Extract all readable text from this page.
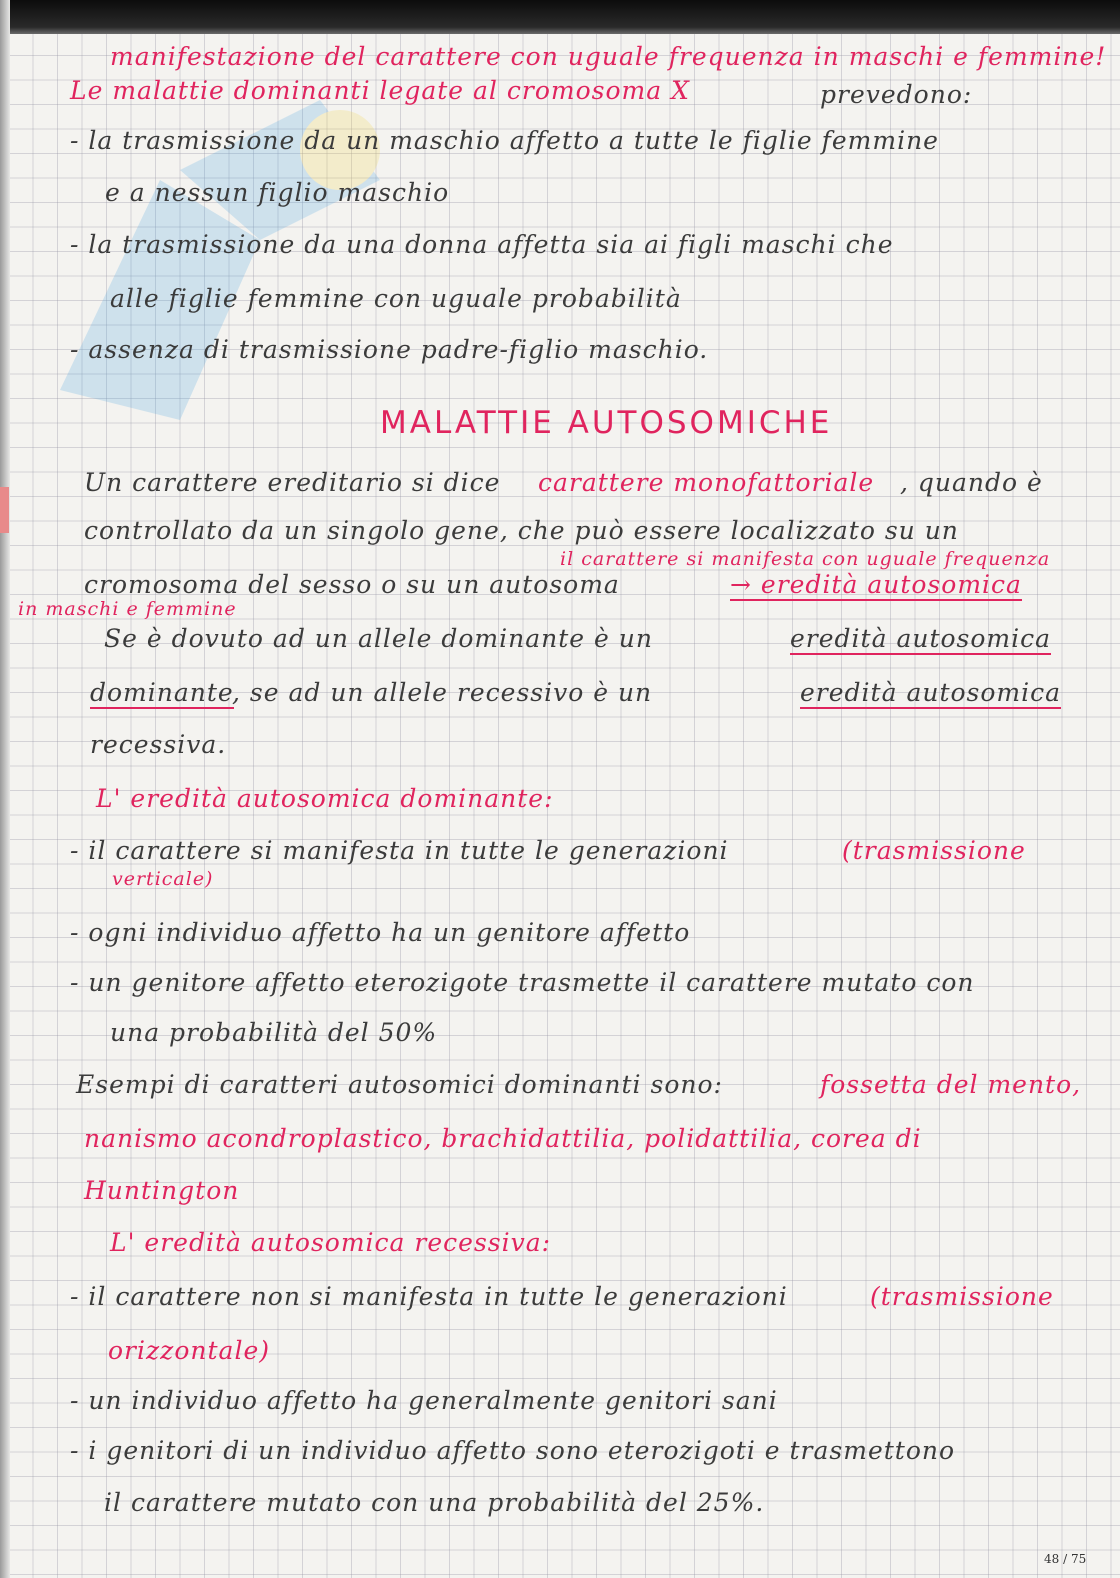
manifestazione del carattere con uguale frequenza in maschi e femmine!
Le malattie dominanti legate al cromosoma X	prevedono:
- la trasmissione da un maschio affetto a tutte le figlie femmine
e a nessun figlio maschio
- la trasmissione da una donna affetta sia ai figli maschi che
alle figlie femmine con uguale probabilità
- assenza di trasmissione padre-figlio maschio.
MALATTIE AUTOSOMICHE
Un carattere ereditario si dice carattere monofattoriale , quando è
controllato da un singolo gene, che può essere localizzato su un
il carattere si manifesta con uguale frequenza
cromosoma del sesso o su un autosoma	→ eredità autosomica
in maschi e femmine
Se è dovuto ad un allele dominante è un	eredità autosomica
dominante
, se ad un allele recessivo è un	eredità autosomica
recessiva.
L' eredità autosomica dominante:
- il carattere si manifesta in tutte le generazioni	(trasmissione
verticale)
- ogni individuo affetto ha un genitore affetto
- un genitore affetto eterozigote trasmette il carattere mutato con
una probabilità del 50%
Esempi di caratteri autosomici dominanti sono:	fossetta del mento,
nanismo acondroplastico, brachidattilia, polidattilia, corea di
Huntington
L' eredità autosomica recessiva:
- il carattere non si manifesta in tutte le generazioni	(trasmissione
orizzontale)
- un individuo affetto ha generalmente genitori sani
- i genitori di un individuo affetto sono eterozigoti e trasmettono
il carattere mutato con una probabilità del 25%.
48 / 75
